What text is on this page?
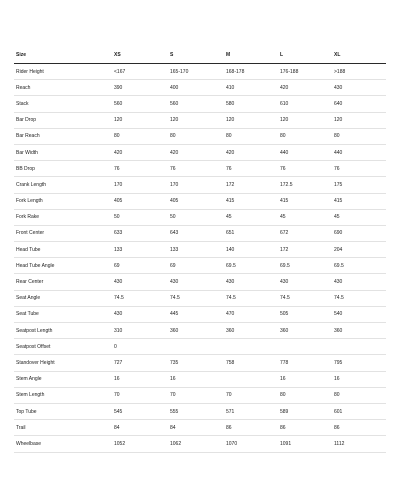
Size	XS	S	M	L	XL
Rider Height	<167	165-170	168-178	176-188	>188
Reach	390	400	410	420	430
Stack	560	560	580	610	640
Bar Drop	120	120	120	120	120
Bar Reach	80	80	80	80	80
Bar Width	420	420	420	440	440
BB Drop	76	76	76	76	76
Crank Length	170	170	172	172.5	175
Fork Length	405	405	415	415	415
Fork Rake	50	50	45	45	45
Front Center	633	643	651	672	690
Head Tube	133	133	140	172	204
Head Tube Angle	69	69	69.5	69.5	69.5
Rear Center	430	430	430	430	430
Seat Angle	74.5	74.5	74.5	74.5	74.5
Seat Tube	430	445	470	505	540
Seatpost Length	310	360	360	360	360
Seatpost Offset	0				
Standover Height	727	735	758	778	795
Stem Angle	16	16		16	16
Stem Length	70	70	70	80	80
Top Tube	545	555	571	589	601
Trail	84	84	86	86	86
Wheelbase	1052	1062	1070	1091	1112
